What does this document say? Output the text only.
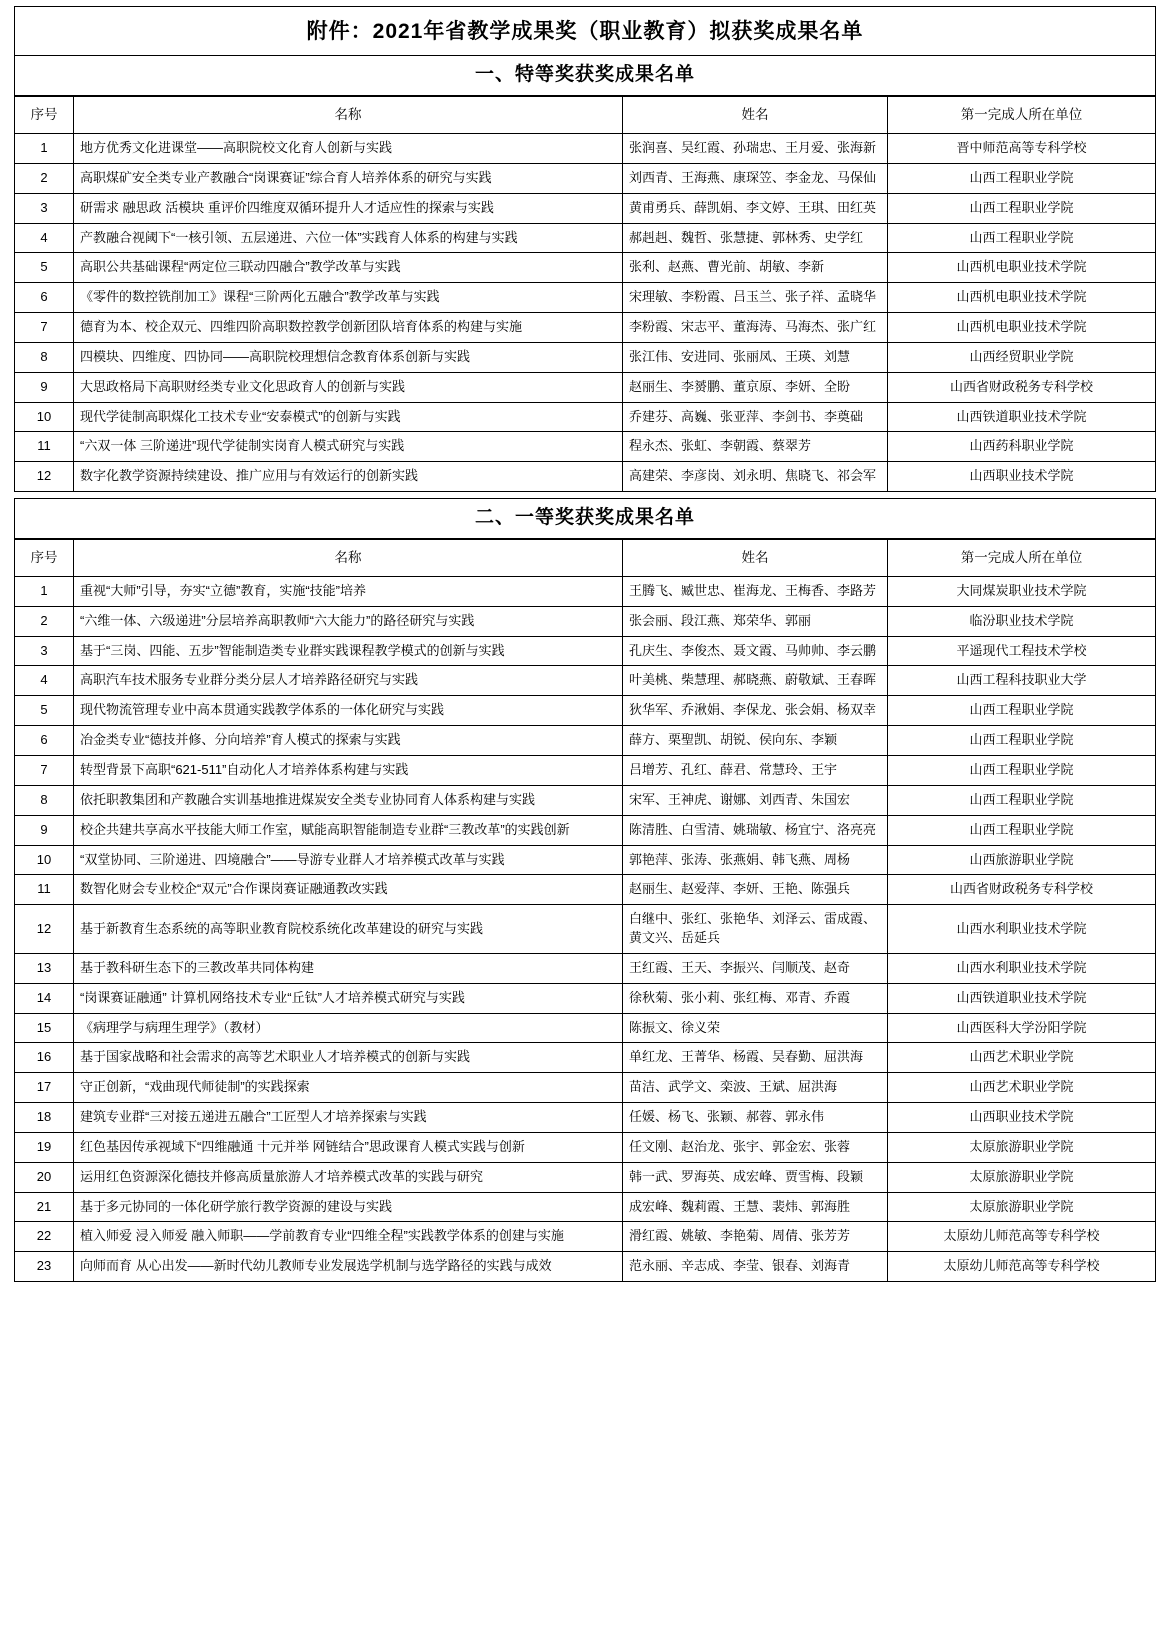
附件：2021年省教学成果奖（职业教育）拟获奖成果名单
一、特等奖获奖成果名单
序号	名称	姓名	第一完成人所在单位
1	地方优秀文化进课堂——高职院校文化育人创新与实践	张润喜、吴红霞、孙瑞忠、王月爱、张海新	晋中师范高等专科学校
2	高职煤矿安全类专业产教融合“岗课赛证”综合育人培养体系的研究与实践	刘西青、王海燕、康琛笠、李金龙、马保仙	山西工程职业学院
3	研需求 融思政 活模块 重评价四维度双循环提升人才适应性的探索与实践	黄甫勇兵、薛凯娟、李文婷、王琪、田红英	山西工程职业学院
4	产教融合视阈下“一核引领、五层递进、六位一体”实践育人体系的构建与实践	郝赳赳、魏哲、张慧捷、郭林秀、史学红	山西工程职业学院
5	高职公共基础课程“两定位三联动四融合”教学改革与实践	张利、赵燕、曹光前、胡敏、李新	山西机电职业技术学院
6	《零件的数控铣削加工》课程“三阶两化五融合”教学改革与实践	宋理敏、李粉霞、吕玉兰、张子祥、孟晓华	山西机电职业技术学院
7	德育为本、校企双元、四维四阶高职数控教学创新团队培育体系的构建与实施	李粉霞、宋志平、董海涛、马海杰、张广红	山西机电职业技术学院
8	四模块、四维度、四协同——高职院校理想信念教育体系创新与实践	张江伟、安进同、张丽凤、王瑛、刘慧	山西经贸职业学院
9	大思政格局下高职财经类专业文化思政育人的创新与实践	赵丽生、李赟鹏、董京原、李妍、全盼	山西省财政税务专科学校
10	现代学徒制高职煤化工技术专业“安泰模式”的创新与实践	乔建芬、高巍、张亚萍、李剑书、李奠础	山西铁道职业技术学院
11	“六双一体 三阶递进”现代学徒制实岗育人模式研究与实践	程永杰、张虹、李朝霞、蔡翠芳	山西药科职业学院
12	数字化教学资源持续建设、推广应用与有效运行的创新实践	高建荣、李彦岗、刘永明、焦晓飞、祁会军	山西职业技术学院
二、一等奖获奖成果名单
序号	名称	姓名	第一完成人所在单位
1	重视“大师”引导，夯实“立德”教育，实施“技能”培养	王腾飞、臧世忠、崔海龙、王梅香、李路芳	大同煤炭职业技术学院
2	“六维一体、六级递进”分层培养高职教师“六大能力”的路径研究与实践	张会丽、段江燕、郑荣华、郭丽	临汾职业技术学院
3	基于“三岗、四能、五步”智能制造类专业群实践课程教学模式的创新与实践	孔庆生、李俊杰、聂文霞、马帅帅、李云鹏	平遥现代工程技术学校
4	高职汽车技术服务专业群分类分层人才培养路径研究与实践	叶美桃、柴慧理、郝晓燕、蔚敬斌、王春晖	山西工程科技职业大学
5	现代物流管理专业中高本贯通实践教学体系的一体化研究与实践	狄华军、乔湫娟、李保龙、张会娟、杨双幸	山西工程职业学院
6	冶金类专业“德技并修、分向培养”育人模式的探索与实践	薛方、栗聖凯、胡锐、侯向东、李颖	山西工程职业学院
7	转型背景下高职“621-511”自动化人才培养体系构建与实践	吕增芳、孔红、薛君、常慧玲、王宇	山西工程职业学院
8	依托职教集团和产教融合实训基地推进煤炭安全类专业协同育人体系构建与实践	宋军、王神虎、谢娜、刘西青、朱国宏	山西工程职业学院
9	校企共建共享高水平技能大师工作室，赋能高职智能制造专业群“三教改革”的实践创新	陈清胜、白雪清、姚瑞敏、杨宜宁、洛亮亮	山西工程职业学院
10	“双堂协同、三阶递进、四境融合”——导游专业群人才培养模式改革与实践	郭艳萍、张涛、张燕娟、韩飞燕、周杨	山西旅游职业学院
11	数智化财会专业校企“双元”合作课岗赛证融通教改实践	赵丽生、赵爱萍、李妍、王艳、陈强兵	山西省财政税务专科学校
12	基于新教育生态系统的高等职业教育院校系统化改革建设的研究与实践	白继中、张红、张艳华、刘泽云、雷成霞、黄文兴、岳延兵	山西水利职业技术学院
13	基于教科研生态下的三教改革共同体构建	王红霞、王天、李振兴、闫顺茂、赵奇	山西水利职业技术学院
14	“岗课赛证融通” 计算机网络技术专业“丘钛”人才培养模式研究与实践	徐秋菊、张小莉、张红梅、邓青、乔霞	山西铁道职业技术学院
15	《病理学与病理生理学》（教材）	陈振文、徐义荣	山西医科大学汾阳学院
16	基于国家战略和社会需求的高等艺术职业人才培养模式的创新与实践	单红龙、王菁华、杨霞、吴春勤、屈洪海	山西艺术职业学院
17	守正创新，“戏曲现代师徒制”的实践探索	苗洁、武学文、栾波、王斌、屈洪海	山西艺术职业学院
18	建筑专业群“三对接五递进五融合”工匠型人才培养探索与实践	任媛、杨飞、张颖、郝蓉、郭永伟	山西职业技术学院
19	红色基因传承视域下“四维融通 十元并举 网链结合”思政课育人模式实践与创新	任文刚、赵治龙、张宇、郭金宏、张蓉	太原旅游职业学院
20	运用红色资源深化德技并修高质量旅游人才培养模式改革的实践与研究	韩一武、罗海英、成宏峰、贾雪梅、段颖	太原旅游职业学院
21	基于多元协同的一体化研学旅行教学资源的建设与实践	成宏峰、魏莉霞、王慧、裴炜、郭海胜	太原旅游职业学院
22	植入师爱 浸入师爱 融入师职——学前教育专业“四维全程”实践教学体系的创建与实施	滑红霞、姚敏、李艳菊、周倩、张芳芳	太原幼儿师范高等专科学校
23	向师而育 从心出发——新时代幼儿教师专业发展选学机制与选学路径的实践与成效	范永丽、辛志成、李莹、银春、刘海青	太原幼儿师范高等专科学校
